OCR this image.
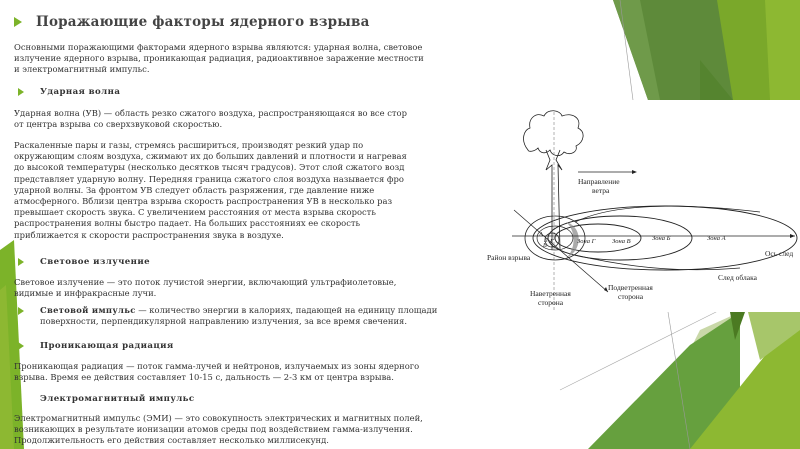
Поражающие факторы ядерного взрыва
Основными поражающими факторами ядерного взрыва являются: ударная волна, световое
излучение ядерного взрыва, проникающая радиация, радиоактивное заражение местности
и электромагнитный импульс.
Ударная волна
Ударная волна (УВ) — область резко сжатого воздуха, распространяющаяся во все стор
от центра взрыва со сверхзвуковой скоростью.
Раскаленные пары и газы, стремясь расшириться, производят резкий удар по
окружающим слоям воздуха, сжимают их до больших давлений и плотности и нагревая
до высокой температуры (несколько десятков тысяч градусов). Этот слой сжатого возд
представляет ударную волну. Передняя граница сжатого слоя воздуха называется фро
ударной волны. За фронтом УВ следует область разряжения, где давление ниже
атмосферного. Вблизи центра взрыва скорость распространения УВ в несколько раз
превышает скорость звука. С увеличением расстояния от места взрыва скорость
распространения волны быстро падает. На больших расстояниях ее скорость
приближается к скорости распространения звука в воздухе.
Световое излучение
Световое излучение — это поток лучистой энергии, включающий ультрафиолетовые,
видимые и инфракрасные лучи.
Световой импульс — количество энергии в калориях, падающей на единицу площади
поверхности, перпендикулярной направлению излучения, за все время свечения.
Проникающая радиация
Проникающая радиация — поток гамма-лучей и нейтронов, излучаемых из зоны ядерного
взрыва. Время ее действия составляет 10-15 с, дальность — 2-3 км от центра взрыва.
Электромагнитный импульс
Электромагнитный импульс (ЭМИ) — это совокупность электрических и магнитных полей,
возникающих в результате ионизации атомов среды под воздействием гамма-излучения.
Продолжительность его действия составляет несколько миллисекунд.
Направление
ветра
А
Б
В
Г	Зона Г	Зона В	Зона Б	Зона А
Ось след
Район взрыва
След облака
Наветренная
сторона
Подветренная
сторона
